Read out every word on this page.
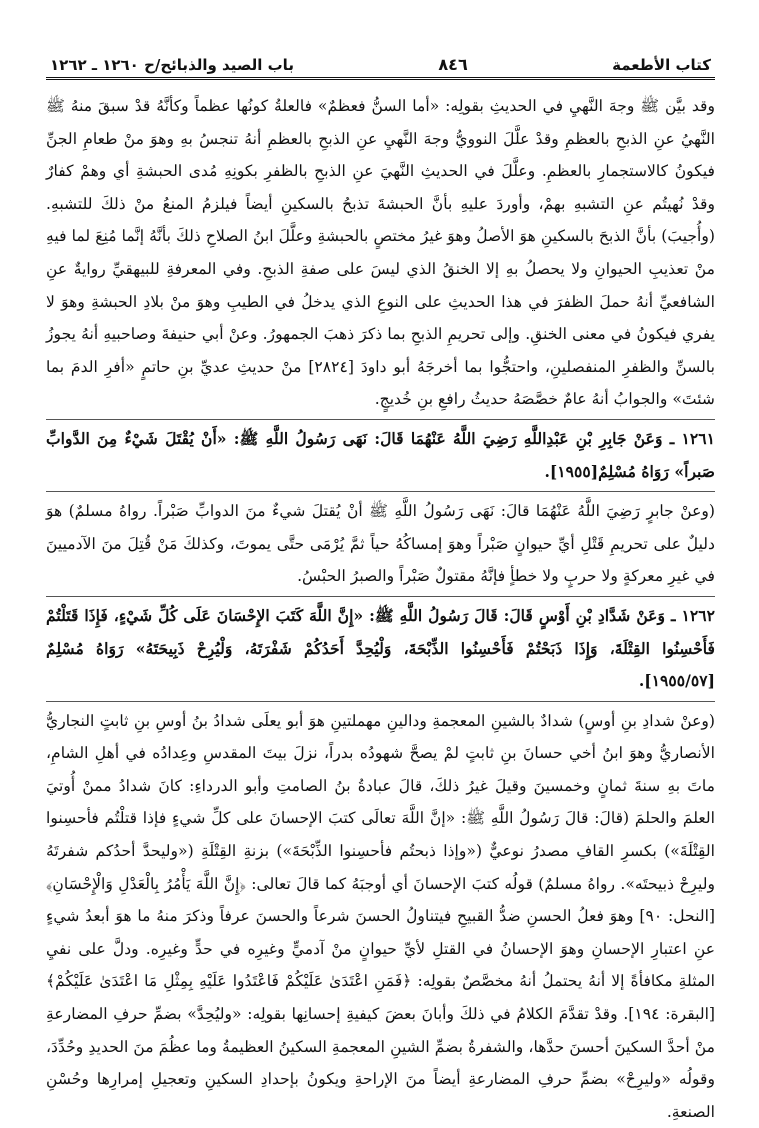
كتاب الأطعمة
٨٤٦
باب الصيد والذبائح/ح ١٢٦٠ ـ ١٢٦٢

وقد بيَّن ﷺ وجهَ النَّهيِ في الحديثِ بقولِه: «أما السنُّ فعظمٌ» فالعلةُ كونُها عظماً وكأنَّهُ قدْ سبقَ منهُ ﷺ النَّهيُ عنِ الذبحِ بالعظمِ وقدْ علَّلَ النوويُّ وجهَ النَّهيِ عنِ الذبحِ بالعظمِ أنهُ تنجسُ بهِ وهوَ منْ طعامِ الجنِّ فيكونُ كالاستجمارِ بالعظمِ. وعلَّلَ في الحديثِ النَّهيَ عنِ الذبحِ بالظفرِ بكونِهِ مُدى الحبشةِ أي وهمْ كفارٌ وقدْ نُهيتُم عنِ التشبهِ بهمْ، وأوردَ عليهِ بأنَّ الحبشةَ تذبحُ بالسكينِ أيضاً فيلزمُ المنعُ منْ ذلكَ للتشبهِ. (وأُجيبَ) بأنَّ الذبحَ بالسكينِ هوَ الأصلُ وهوَ غيرُ مختصٍ بالحبشةِ وعلَّلَ ابنُ الصلاحِ ذلكَ بأنَّهُ إنَّما مُنِعَ لما فيهِ منْ تعذيبِ الحيوانِ ولا يحصلُ بهِ إلا الخنقُ الذي ليسَ على صفةِ الذبحِ. وفي المعرفةِ للبيهقيِّ روايةٌ عنِ الشافعيِّ أنهُ حملَ الظفرَ في هذا الحديثِ على النوعِ الذي يدخلُ في الطيبِ وهوَ منْ بلادِ الحبشةِ وهوَ لا يفري فيكونُ في معنى الخنقِ. وإلى تحريمِ الذبحِ بما ذكرَ ذهبَ الجمهورُ. وعنْ أبي حنيفةَ وصاحبيهِ أنهُ يجوزُ بالسنِّ والظفرِ المنفصلينِ، واحتجُّوا بما أخرجَهُ أبو داودَ [٢٨٢٤] منْ حديثِ عديِّ بنِ حاتمٍ «أفرِ الدمَ بما شئتَ» والجوابُ أنهُ عامٌ خصَّصَهُ حديثُ رافعِ بنِ خُديجٍ.

١٢٦١ ـ وَعَنْ جَابِرِ بْنِ عَبْدِاللَّهِ رَضِيَ اللَّهُ عَنْهُمَا قَالَ: نَهَى رَسُولُ اللَّهِ ﷺ: «أَنْ يُقْتَلَ شَيْءٌ مِنَ الدَّوابِّ صَبراً» رَوَاهُ مُسْلِمٌ[١٩٥٥].

(وعنْ جابرٍ رَضِيَ اللَّهُ عَنْهُمَا قالَ: نَهَى رَسُولُ اللَّهِ ﷺ أنْ يُقتلَ شيءٌ منَ الدوابِّ صَبْراً. رواهُ مسلمٌ) هوَ دليلٌ على تحريمِ قَتْلِ أيِّ حيوانٍ صَبْراً وهوَ إمساكُهُ حياً ثمَّ يُرْمَى حتَّى يموتَ، وكذلكَ مَنْ قُتِلَ منَ الآدميينَ في غيرِ معركةٍ ولا حربٍ ولا خطأٍ فإنَّهُ مقتولٌ صَبْراً والصبرُ الحبْسُ.

١٢٦٢ ـ وَعَنْ شَدَّادِ بْنِ أَوْسٍ قَالَ: قَالَ رَسُولُ اللَّهِ ﷺ: «إِنَّ اللَّهَ كَتَبَ الإِحْسَانَ عَلَى كُلِّ شَيْءٍ، فَإِذَا قَتَلْتُمْ فَأَحْسِنُوا القِتْلَةَ، وَإِذَا ذَبَحْتُمْ فَأَحْسِنُوا الذِّبْحَةَ، وَلْيُحِدَّ أَحَدُكُمْ شَفْرَتَهُ، وَلْيُرِحْ ذَبِيحَتَهُ» رَوَاهُ مُسْلِمٌ [١٩٥٥/٥٧].

(وعنْ شدادِ بنِ أوسٍ) شدادٌ بالشينِ المعجمةِ ودالينِ مهملتينِ هوَ أبو يعلَى شدادُ بنُ أوسِ بنِ ثابتٍ النجاريُّ الأنصاريُّ وهوَ ابنُ أخي حسانَ بنِ ثابتٍ لمْ يصحَّ شهودُه بدراً، نزلَ بيتَ المقدسِ وعِدادُه في أهلِ الشامِ، ماتَ بهِ سنةَ ثمانٍ وخمسينَ وقيلَ غيرُ ذلكَ، قالَ عبادةُ بنُ الصامتِ وأبو الدرداءِ: كانَ شدادُ ممنْ أُوتيَ العلمَ والحلمَ (قالَ: قالَ رَسُولُ اللَّهِ ﷺ: «إنَّ اللَّهَ تعالَى كتبَ الإحسانَ على كلِّ شيءٍ فإذا قتلْتُم فأحسِنوا القِتْلَةَ») بكسرِ القافِ مصدرُ نوعيٌّ («وإذا ذبحتُم فأحسِنوا الذِّبْحَةَ») بزنةِ القِتْلَةِ («وليحدَّ أحدُكم شفرتَهُ وليرِحْ ذبيحتَه». رواهُ مسلمٌ) قولُه كتبَ الإحسانَ أي أوجبَهُ كما قالَ تعالى: ﴿إِنَّ اللَّهَ يَأْمُرُ بِالْعَدْلِ وَالْإِحْسَانِ﴾ [النحل: ٩٠] وهوَ فعلُ الحسنِ ضدُّ القبيحِ فيتناولُ الحسنَ شرعاً والحسنَ عرفاً وذكرَ منهُ ما هوَ أبعدُ شيءٍ عنِ اعتبارِ الإحسانِ وهوَ الإحسانُ في القتلِ لأيِّ حيوانٍ منْ آدميٍّ وغيرِه في حدٍّ وغيرِه. ودلَّ على نفيِ المثلةِ مكافأةً إلا أنهُ يحتملُ أنهُ مخصَّصٌ بقولِه: ﴿فَمَنِ اعْتَدَىٰ عَلَيْكُمْ فَاعْتَدُوا عَلَيْهِ بِمِثْلِ مَا اعْتَدَىٰ عَلَيْكُمْ﴾ [البقرة: ١٩٤]. وقدْ تقدَّمَ الكلامُ في ذلكَ وأبانَ بعضَ كيفيةِ إحسانِها بقولِه: «وليُحِدَّ» بضمِّ حرفِ المضارعةِ منْ أحدَّ السكينَ أحسنَ حدَّها، والشفرةُ بضمِّ الشينِ المعجمةِ السكينُ العظيمةُ وما عظُمَ منَ الحديدِ وحُدِّدَ، وقولُه «وليرِحْ» بضمِّ حرفِ المضارعةِ أيضاً منَ الإراحةِ ويكونُ بإحدادِ السكينِ وتعجيلِ إمرارِها وحُسْنِ الصنعةِ.
